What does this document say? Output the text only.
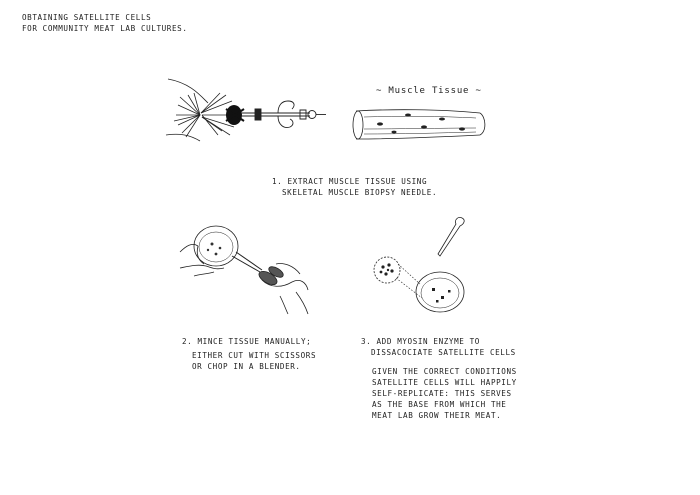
OBTAINING SATELLITE CELLS
FOR COMMUNITY MEAT LAB CULTURES.
~ Muscle Tissue ~
1. EXTRACT MUSCLE TISSUE USING
SKELETAL MUSCLE BIOPSY NEEDLE.
2. MINCE TISSUE MANUALLY;
EITHER CUT WITH SCISSORS
OR CHOP IN A BLENDER.
3. ADD MYOSIN ENZYME TO
DISSACOCIATE SATELLITE CELLS
GIVEN THE CORRECT CONDITIONS
SATELLITE CELLS WILL HAPPILY
SELF-REPLICATE: THIS SERVES
AS THE BASE FROM WHICH THE
MEAT LAB GROW THEIR MEAT.
